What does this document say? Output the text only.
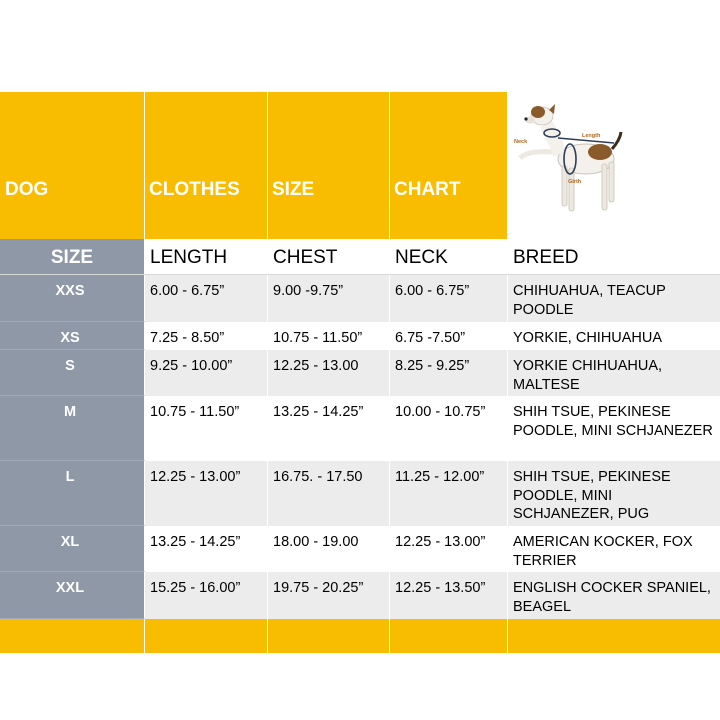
DOG	CLOTHES	SIZE	CHART
Neck
Length
Girth
SIZE	LENGTH	CHEST	NECK	BREED
XXS	6.00 - 6.75”	9.00 -9.75”	6.00 - 6.75”	CHIHUAHUA, TEACUP POODLE
XS	7.25 - 8.50”	10.75 - 11.50”	6.75 -7.50”	YORKIE, CHIHUAHUA
S	9.25 - 10.00”	12.25 - 13.00	8.25 - 9.25”	YORKIE CHIHUAHUA, MALTESE
M	10.75 - 11.50”	13.25 - 14.25”	10.00 - 10.75”	SHIH TSUE, PEKINESE POODLE, MINI SCHJANEZER
L	12.25 - 13.00”	16.75. - 17.50	11.25 - 12.00”	SHIH TSUE, PEKINESE POODLE, MINI SCHJANEZER, PUG
XL	13.25 - 14.25”	18.00 - 19.00	12.25 - 13.00”	AMERICAN KOCKER, FOX TERRIER
XXL	15.25 - 16.00”	19.75 - 20.25”	12.25 - 13.50”	ENGLISH COCKER SPANIEL, BEAGEL
